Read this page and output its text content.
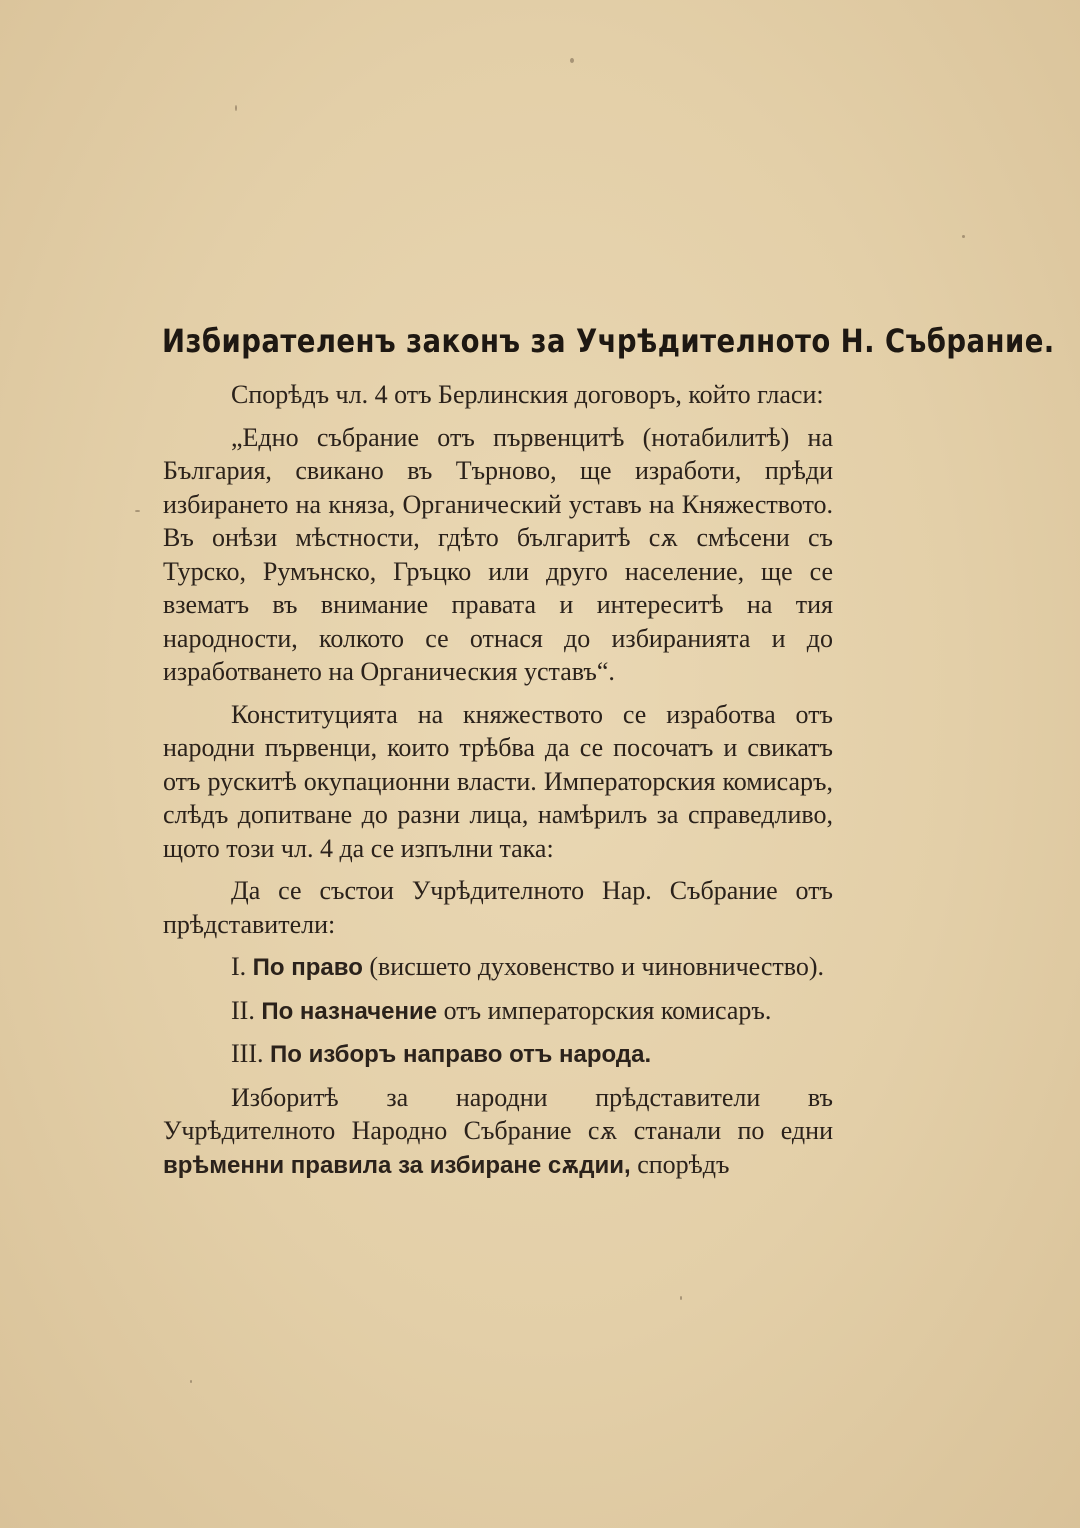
Избирателенъ законъ за Учрѣдителното Н. Събрание.

Спорѣдъ чл. 4 отъ Берлинския договоръ, който гласи:

„Едно събрание отъ първенцитѣ (нотабилитѣ) на България, свикано въ Търново, ще изработи, прѣди избирането на княза, Органический уставъ на Княжеството. Въ онѣзи мѣстности, гдѣто българитѣ сѫ смѣсени съ Турско, Румънско, Гръцко или друго население, ще се взематъ въ внимание правата и интереситѣ на тия народности, колкото се отнася до избиранията и до изработването на Органическия уставъ“.

Конституцията на княжеството се изработва отъ народни първенци, които трѣбва да се посочатъ и свикатъ отъ рускитѣ окупационни власти. Императорския комисаръ, слѣдъ допитване до разни лица, намѣрилъ за справедливо, щото този чл. 4 да се изпълни така:

Да се състои Учрѣдителното Нар. Събрание отъ прѣдставители:

I. По право (висшето духовенство и чиновничество).

II. По назначение отъ императорския комисаръ.

III. По изборъ направо отъ народа.

Изборитѣ за народни прѣдставители въ Учрѣдителното Народно Събрание сѫ станали по едни врѣменни правила за избиране сѫдии, спорѣдъ
